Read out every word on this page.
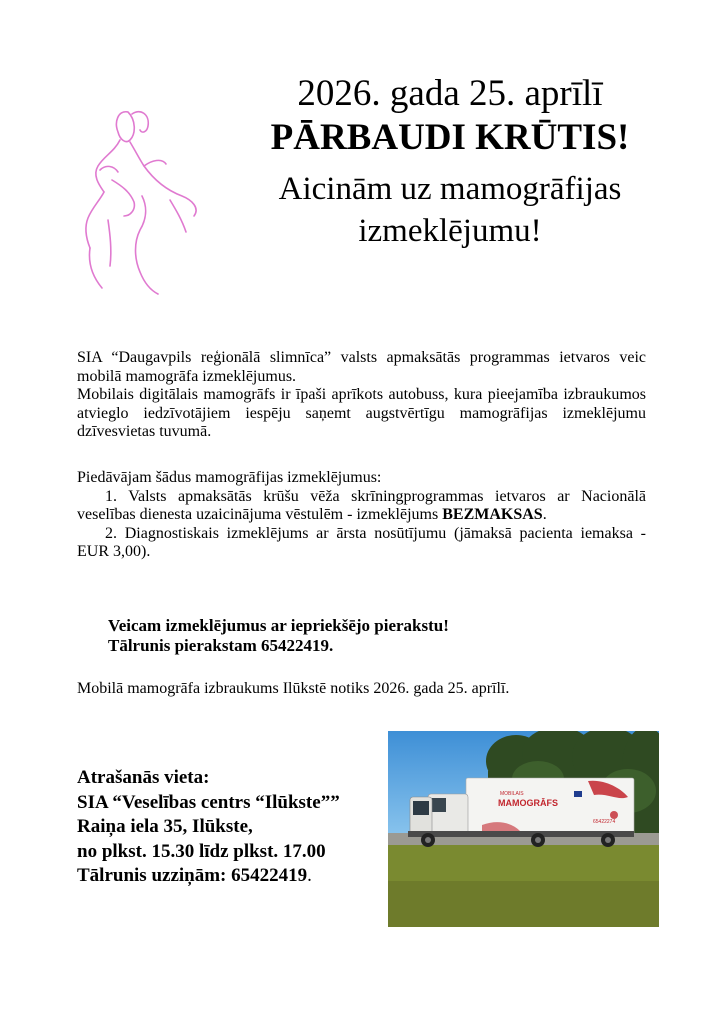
2026. gada 25. aprīlī
PĀRBAUDI KRŪTIS!
Aicinām uz mamogrāfijas
izmeklējumu!
SIA “Daugavpils reģionālā slimnīca” valsts apmaksātās programmas ietvaros veic mobilā mamogrāfa izmeklējumus.
Mobilais digitālais mamogrāfs ir īpaši aprīkots autobuss, kura pieejamība izbraukumos atvieglo iedzīvotājiem iespēju saņemt augstvērtīgu mamogrāfijas izmeklējumu dzīvesvietas tuvumā.
Piedāvājam šādus mamogrāfijas izmeklējumus:
1. Valsts apmaksātās krūšu vēža skrīningprogrammas ietvaros ar Nacionālā veselības dienesta uzaicinājuma vēstulēm - izmeklējums BEZMAKSAS.
2. Diagnostiskais izmeklējums ar ārsta nosūtījumu (jāmaksā pacienta iemaksa - EUR 3,00).
Veicam izmeklējumus ar iepriekšējo pierakstu!
Tālrunis pierakstam 65422419.
Mobilā mamogrāfa izbraukums Ilūkstē notiks 2026. gada 25. aprīlī.
Atrašanās vieta:
SIA “Veselības centrs “Ilūkste””
Raiņa iela 35, Ilūkste,
no plkst. 15.30 līdz plkst. 17.00
Tālrunis uzziņām: 65422419.
MOBILAIS
MAMOGRĀFS
65422274
